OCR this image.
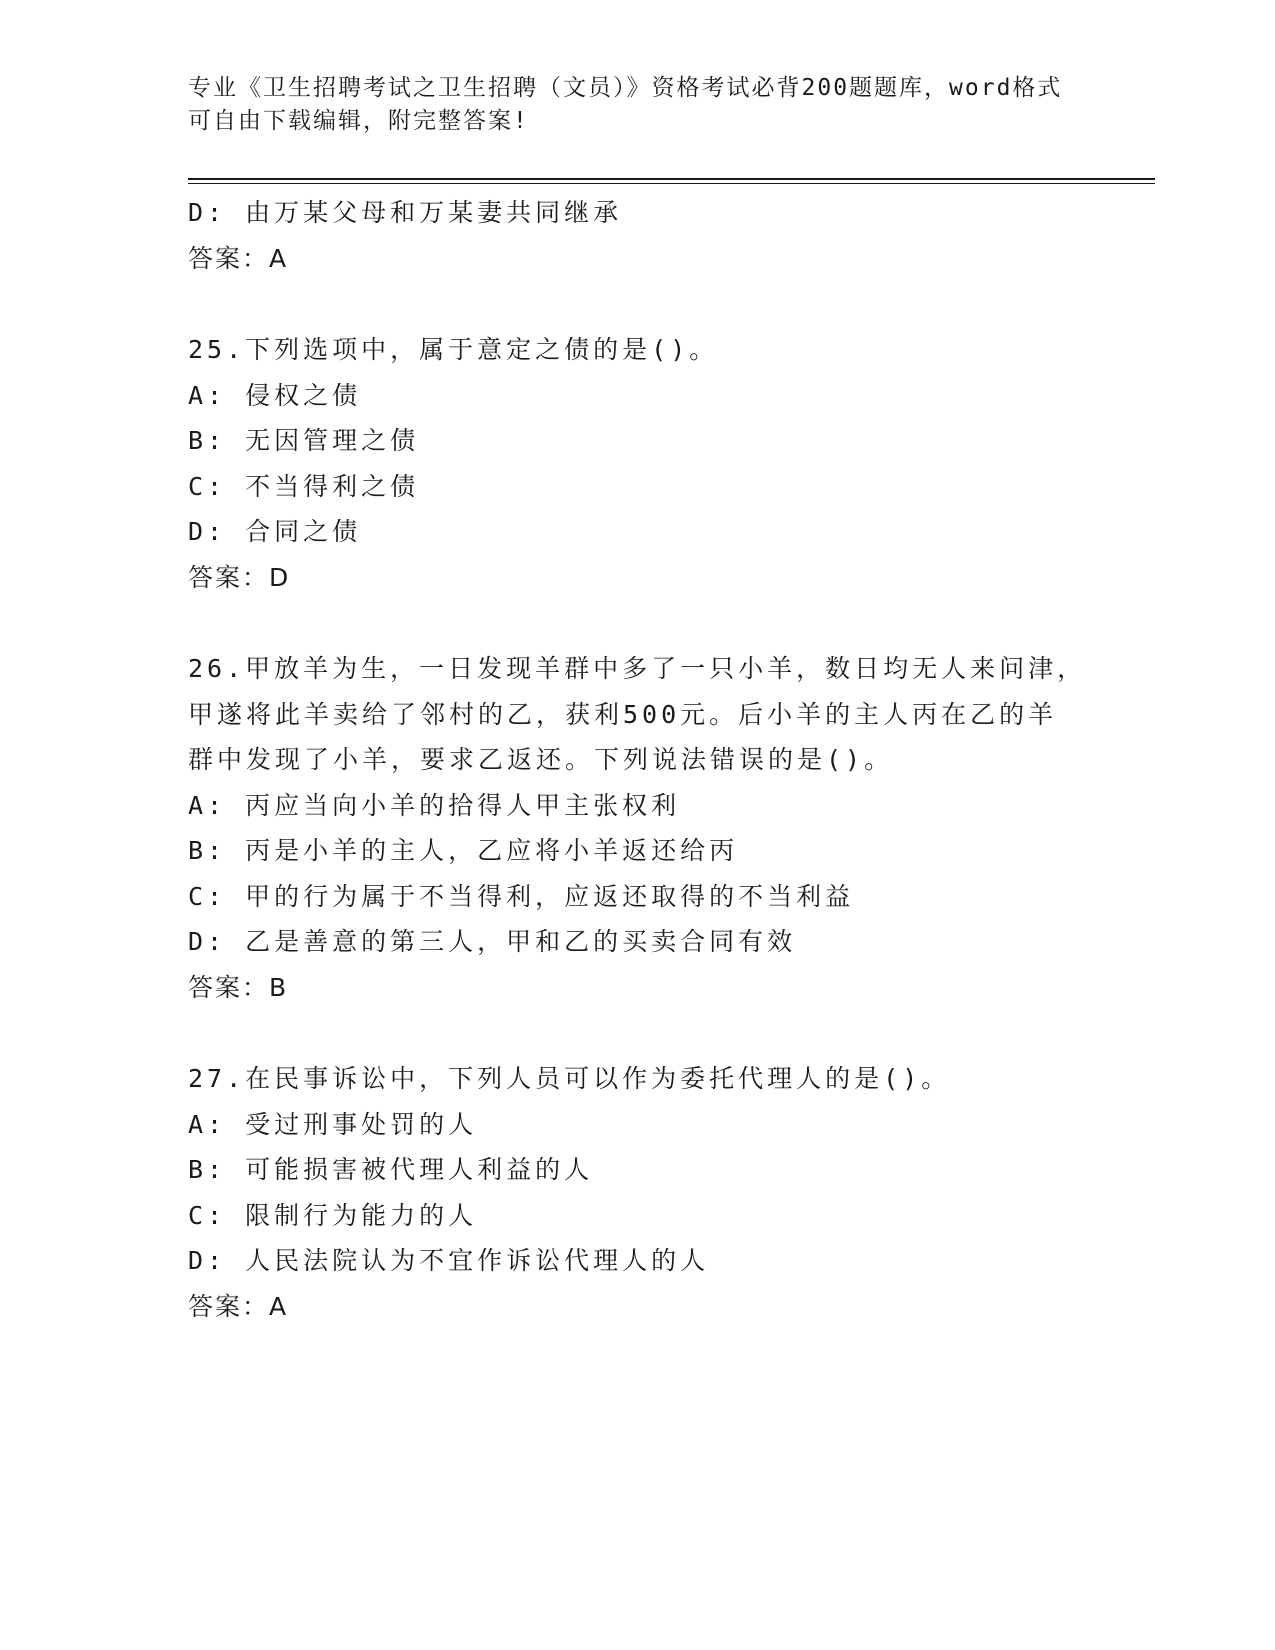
专业《卫生招聘考试之卫生招聘（文员）》资格考试必背200题题库，word格式
可自由下载编辑，附完整答案!
D: 由万某父母和万某妻共同继承
答案：A
25.下列选项中，属于意定之债的是()。
A: 侵权之债
B: 无因管理之债
C: 不当得利之债
D: 合同之债
答案：D
26.甲放羊为生，一日发现羊群中多了一只小羊，数日均无人来问津，
甲遂将此羊卖给了邻村的乙，获利500元。后小羊的主人丙在乙的羊
群中发现了小羊，要求乙返还。下列说法错误的是()。
A: 丙应当向小羊的拾得人甲主张权利
B: 丙是小羊的主人，乙应将小羊返还给丙
C: 甲的行为属于不当得利，应返还取得的不当利益
D: 乙是善意的第三人，甲和乙的买卖合同有效
答案：B
27.在民事诉讼中，下列人员可以作为委托代理人的是()。
A: 受过刑事处罚的人
B: 可能损害被代理人利益的人
C: 限制行为能力的人
D: 人民法院认为不宜作诉讼代理人的人
答案：A
